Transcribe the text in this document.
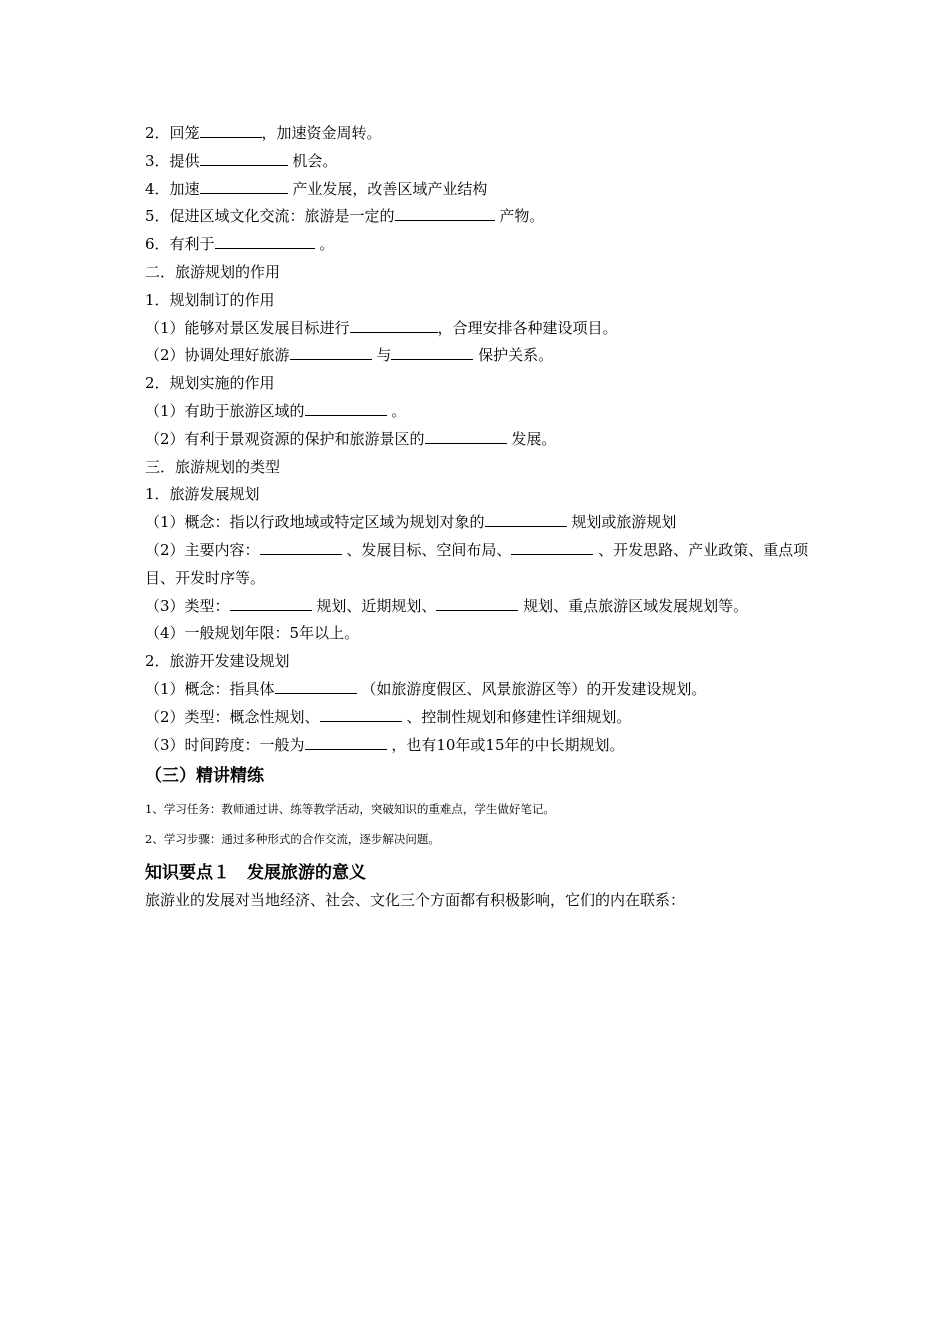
2．回笼	，加速资金周转。
3．提供	机会。
4．加速	产业发展，改善区域产业结构
5．促进区域文化交流：旅游是一定的	产物。
6．有利于	。
二．旅游规划的作用
1．规划制订的作用
（1）能够对景区发展目标进行	，合理安排各种建设项目。
（2）协调处理好旅游	与	保护关系。
2．规划实施的作用
（1）有助于旅游区域的	。
（2）有利于景观资源的保护和旅游景区的	发展。
三．旅游规划的类型
1．旅游发展规划
（1）概念：指以行政地域或特定区域为规划对象的	规划或旅游规划
（2）主要内容：	、发展目标、空间布局、	、开发思路、产业政策、重点项目、开发时序等。
（3）类型：	规划、近期规划、	规划、重点旅游区域发展规划等。
（4）一般规划年限：5年以上。
2．旅游开发建设规划
（1）概念：指具体	（如旅游度假区、风景旅游区等）的开发建设规划。
（2）类型：概念性规划、	、控制性规划和修建性详细规划。
（3）时间跨度：一般为	，也有10年或15年的中长期规划。
（三）精讲精练
1、学习任务：教师通过讲、练等教学活动，突破知识的重难点，学生做好笔记。
2、学习步骤：通过多种形式的合作交流，逐步解决问题。
知识要点１　发展旅游的意义
旅游业的发展对当地经济、社会、文化三个方面都有积极影响，它们的内在联系：
